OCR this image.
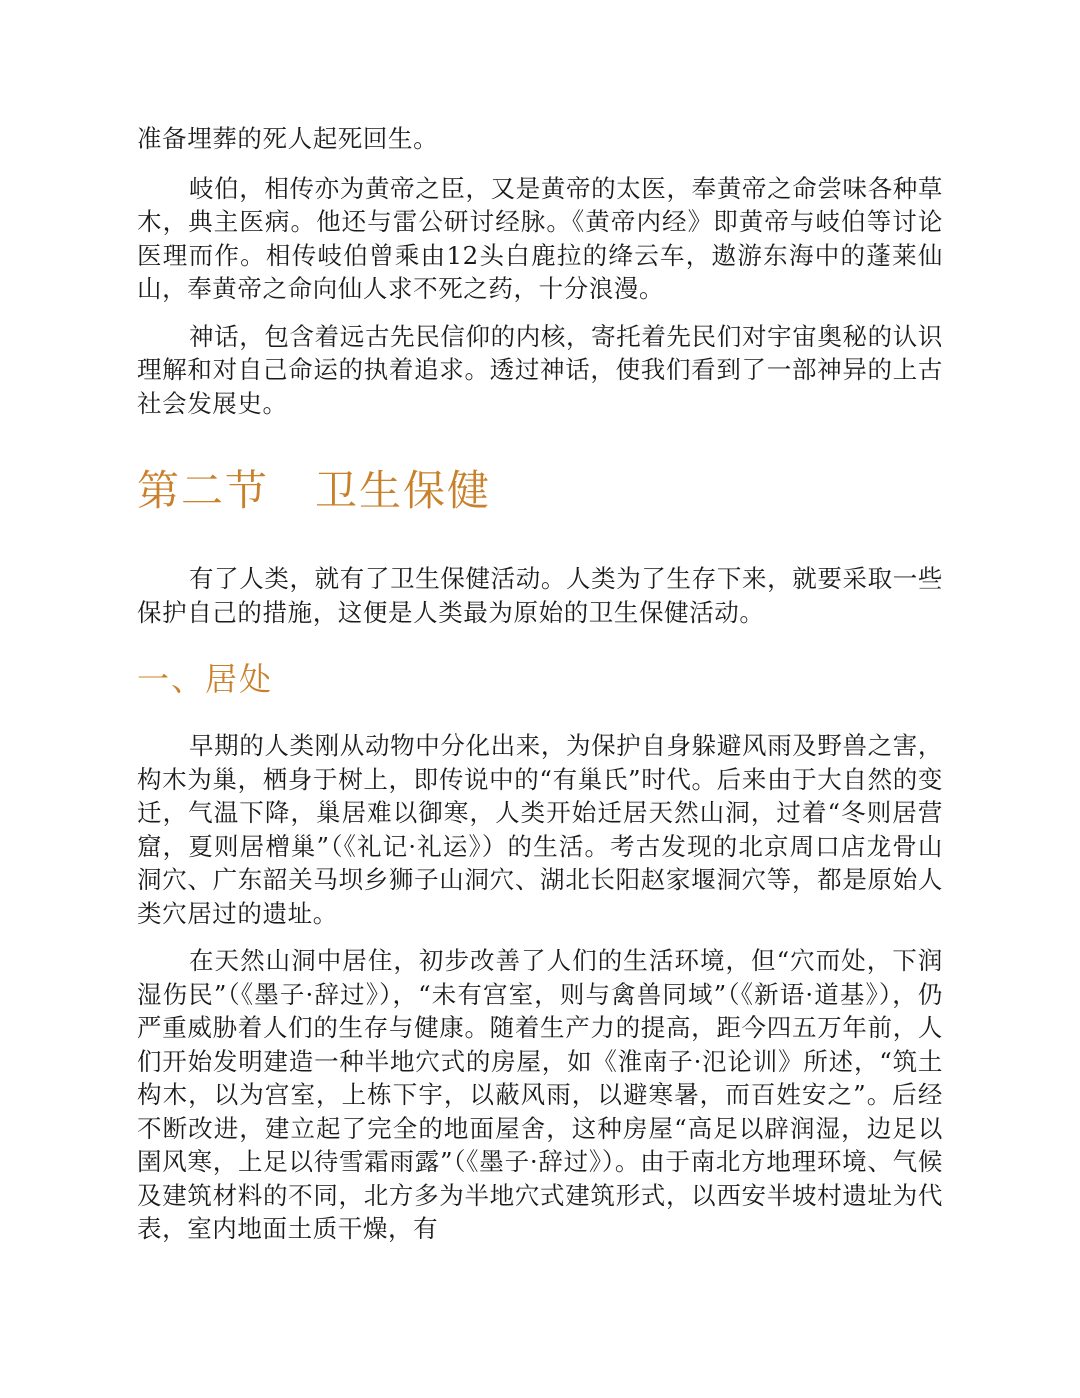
准备埋葬的死人起死回生。

岐伯，相传亦为黄帝之臣，又是黄帝的太医，奉黄帝之命尝味各种草木，典主医病。他还与雷公研讨经脉。《黄帝内经》即黄帝与岐伯等讨论医理而作。相传岐伯曾乘由12头白鹿拉的绛云车，遨游东海中的蓬莱仙山，奉黄帝之命向仙人求不死之药，十分浪漫。

神话，包含着远古先民信仰的内核，寄托着先民们对宇宙奥秘的认识理解和对自己命运的执着追求。透过神话，使我们看到了一部神异的上古社会发展史。

第二节 卫生保健

有了人类，就有了卫生保健活动。人类为了生存下来，就要采取一些保护自己的措施，这便是人类最为原始的卫生保健活动。

一、居处

早期的人类刚从动物中分化出来，为保护自身躲避风雨及野兽之害，构木为巢，栖身于树上，即传说中的“有巢氏”时代。后来由于大自然的变迁，气温下降，巢居难以御寒，人类开始迁居天然山洞，过着“冬则居营窟，夏则居橧巢”（《礼记·礼运》）的生活。考古发现的北京周口店龙骨山洞穴、广东韶关马坝乡狮子山洞穴、湖北长阳赵家堰洞穴等，都是原始人类穴居过的遗址。

在天然山洞中居住，初步改善了人们的生活环境，但“穴而处，下润湿伤民”（《墨子·辞过》），“未有宫室，则与禽兽同域”（《新语·道基》），仍严重威胁着人们的生存与健康。随着生产力的提高，距今四五万年前，人们开始发明建造一种半地穴式的房屋，如《淮南子·氾论训》所述，“筑土构木，以为宫室，上栋下宇，以蔽风雨，以避寒暑，而百姓安之”。后经不断改进，建立起了完全的地面屋舍，这种房屋“高足以辟润湿，边足以圉风寒，上足以待雪霜雨露”（《墨子·辞过》）。由于南北方地理环境、气候及建筑材料的不同，北方多为半地穴式建筑形式，以西安半坡村遗址为代表，室内地面土质干燥，有
